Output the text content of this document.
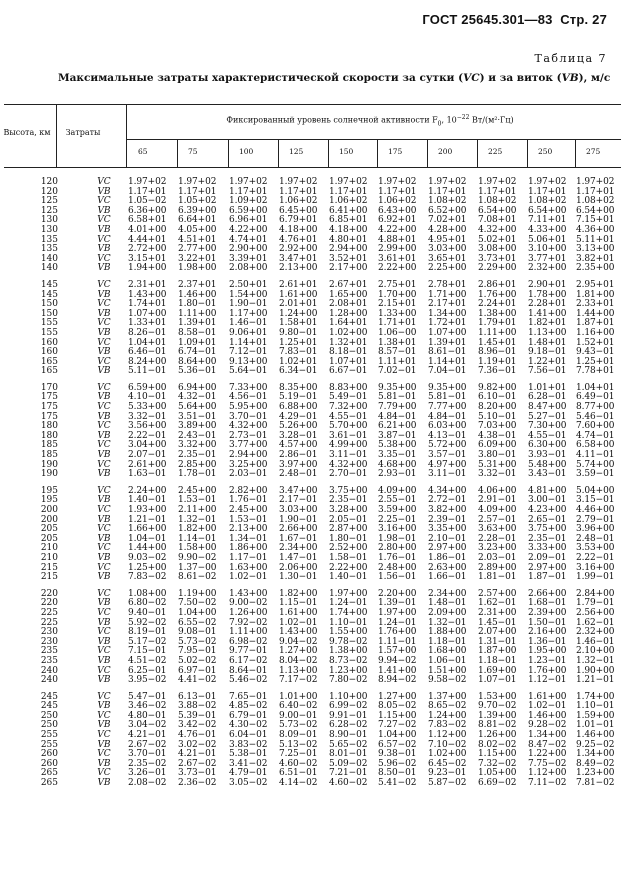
ГОСТ 25645.301—83 Стр. 27
Таблица 7
Максимальные затраты характеристической скорости за сутки (VC) и за виток (VB), м/с
Высота, км	Затраты
Фиксированный уровень солнечной активности $F_0$, $10^{-22}$ Вт/(м²·Гц)
65	75	100	125	150	175	200	225	250	275
120	VC	1.97+02 1.97+02 1.97+02 1.97+02 1.97+02 1.97+02 1.97+02 1.97+02 1.97+02 1.97+02
120	VB	1.17+01 1.17+01 1.17+01 1.17+01 1.17+01 1.17+01 1.17+01 1.17+01 1.17+01 1.17+01
125	VC	1.05−02 1.05+02 1.09+02 1.06+02 1.06+02 1.06+02 1.08+02 1.08+02 1.08+02 1.08+02
125	VB	6.36+00 6.39+00 6.59+00 6.45+00 6.41+00 6.43+00 6.52+00 6.54+00 6.54+00 6.54+00
130	VC	6.58+01 6.64+01 6.96+01 6.79+01 6.85+01 6.92+01 7.02+01 7.08+01 7.11+01 7.15+01
130	VB	4.01+00 4.05+00 4.22+00 4.18+00 4.18+00 4.22+00 4.28+00 4.32+00 4.33+00 4.36+00
135	VC	4.44+01 4.51+01 4.74+01 4.76+01 4.80+01 4.88+01 4.95+01 5.02+01 5.06+01 5.11+01
135	VB	2.72+00 2.77+00 2.90+00 2.92+00 2.94+00 2.99+00 3.03+00 3.08+00 3.10+00 3.13+00
140	VC	3.15+01 3.22+01 3.39+01 3.47+01 3.52+01 3.61+01 3.65+01 3.73+01 3.77+01 3.82+01
140	VB	1.94+00 1.98+00 2.08+00 2.13+00 2.17+00 2.22+00 2.25+00 2.29+00 2.32+00 2.35+00
145	VC	2.31+01 2.37+01 2.50+01 2.61+01 2.67+01 2.75+01 2.78+01 2.86+01 2.90+01 2.95+01
145	VB	1.43+00 1.46+00 1.54+00 1.61+00 1.65+00 1.70+00 1.71+00 1.76+00 1.78+00 1.81+00
150	VC	1.74+01 1.80−01 1.90−01 2.01+01 2.08+01 2.15+01 2.17+01 2.24+01 2.28+01 2.33+01
150	VB	1.07+00 1.11+00 1.17+00 1.24+00 1.28+00 1.33+00 1.34+00 1.38+00 1.41+00 1.44+00
155	VC	1.33+01 1.39+01 1.46−01 1.58+01 1.64+01 1.71+01 1.72+01 1.79+01 1.82+01 1.87+01
155	VB	8.26−01 8.58−01 9.06+01 9.80−01 1.02+00 1.06−00 1.07+00 1.11+00 1.13+00 1.16+00
160	VC	1.04+01 1.09+01 1.14+01 1.25+01 1.32+01 1.38+01 1.39+01 1.45+01 1.48+01 1.52+01
160	VB	6.46−01 6.74−01 7.12−01 7.83−01 8.18−01 8.57−01 8.61−01 8.96−01 9.18−01 9.43−01
165	VC	8.24+00 8.64+00 9.13+00 1.02+01 1.07+01 1.11+01 1.14+01 1.19+01 1.22+01 1.25+01
165	VB	5.11−01 5.36−01 5.64−01 6.34−01 6.67−01 7.02−01 7.04−01 7.36−01 7.56−01 7.78+01
170	VC	6.59+00 6.94+00 7.33+00 8.35+00 8.83+00 9.35+00 9.35+00 9.82+00 1.01+01 1.04+01
175	VB	4.10−01 4.32−01 4.56−01 5.19−01 5.49−01 5.81−01 5.81−01 6.10−01 6.28−01 6.49−01
175	VC	5.33+00 5.64+00 5.95+00 6.88+00 7.32+00 7.79+00 7.77+00 8.20+00 8.47+00 8.77+00
175	VB	3.32−01 3.51−01 3.70−01 4.29−01 4.55−01 4.84−01 4.84−01 5.10−01 5.27−01 5.46−01
180	VC	3.56+00 3.89+00 4.32+00 5.26+00 5.70+00 6.21+00 6.03+00 7.03+00 7.30+00 7.60+00
180	VB	2.22−01 2.43−01 2.73−01 3.28−01 3.61−01 3.87−01 4.13−01 4.38−01 4.55−01 4.74−01
185	VC	3.04+00 3.32+00 3.77+00 4.57+00 4.99+00 5.38+00 5.72+00 6.09+00 6.30+00 6.58+00
185	VB	2.07−01 2.35−01 2.94+00 2.86−01 3.11−01 3.35−01 3.57−01 3.80−01 3.93−01 4.11−01
190	VC	2.61+00 2.85+00 3.25+00 3.97+00 4.32+00 4.68+00 4.97+00 5.31+00 5.48+00 5.74+00
190	VB	1.63−01 1.78−01 2.03−01 2.48−01 2.70−01 2.93−01 3.11−01 3.32−01 3.43−01 3.59−01
195	VC	2.24+00 2.45+00 2.82+00 3.47+00 3.75+00 4.09+00 4.34+00 4.06+00 4.81+00 5.04+00
195	VB	1.40−01 1.53−01 1.76−01 2.17−01 2.35−01 2.55−01 2.72−01 2.91−01 3.00−01 3.15−01
200	VC	1.93+00 2.11+00 2.45+00 3.03+00 3.28+00 3.59+00 3.82+00 4.09+00 4.23+00 4.46+00
200	VB	1.21−01 1.32−01 1.53−01 1.90−01 2.05−01 2.25−01 2.39−01 2.57−01 2.65−01 2.79−01
205	VC	1.66+00 1.82+00 2.13+00 2.66+00 2.87+00 3.16+00 3.35+00 3.63+00 3.75+00 3.96+00
205	VB	1.04−01 1.14−01 1.34−01 1.67−01 1.80−01 1.98−01 2.10−01 2.28−01 2.35−01 2.48−01
210	VC	1.44+00 1.58+00 1.86+00 2.34+00 2.52+00 2.80+00 2.97+00 3.23+00 3.33+00 3.53+00
210	VB	9.03−02 9.90−02 1.17−01 1.47−01 1.58−01 1.76−01 1.86−01 2.03−01 2.09−01 2.22−01
215	VC	1.25+00 1.37−00 1.63+00 2.06+00 2.22+00 2.48+00 2.63+00 2.89+00 2.97+00 3.16+00
215	VB	7.83−02 8.61−02 1.02−01 1.30−01 1.40−01 1.56−01 1.66−01 1.81−01 1.87−01 1.99−01
220	VC	1.08+00 1.19+00 1.43+00 1.82+00 1.97+00 2.20+00 2.34+00 2.57+00 2.66+00 2.84+00
220	VB	6.80−02 7.50−02 9.00−02 1.15−01 1.24−01 1.39−01 1.48−01 1.62−01 1.68−01 1.79−01
225	VC	9.40−01 1.04+00 1.26+00 1.61+00 1.74+00 1.97+00 2.09+00 2.31+00 2.39+00 2.56+00
225	VB	5.92−02 6.55−02 7.92−02 1.02−01 1.10−01 1.24−01 1.32−01 1.45−01 1.50−01 1.62−01
230	VC	8.19−01 9.08−01 1.11+00 1.43+00 1.55+00 1.76+00 1.88+00 2.07+00 2.16+00 2.32+00
230	VB	5.17−02 5.73−02 6.98−02 9.04−02 9.78−02 1.11−01 1.18−01 1.31−01 1.36−01 1.46−01
235	VC	7.15−01 7.95−01 9.77−01 1.27+00 1.38+00 1.57+00 1.68+00 1.87+00 1.95+00 2.10+00
235	VB	4.51−02 5.02−02 6.17−02 8.04−02 8.73−02 9.94−02 1.06−01 1.18−01 1.23−01 1.32−01
240	VC	6.25−01 6.97−01 8.64−01 1.13+00 1.23+00 1.41+00 1.51+00 1.69+00 1.76+00 1.90+00
240	VB	3.95−02 4.41−02 5.46−02 7.17−02 7.80−02 8.94−02 9.58−02 1.07−01 1.12−01 1.21−01
245	VC	5.47−01 6.13−01 7.65−01 1.01+00 1.10+00 1.27+00 1.37+00 1.53+00 1.61+00 1.74+00
245	VB	3.46−02 3.88−02 4.85−02 6.40−02 6.99−02 8.05−02 8.65−02 9.70−02 1.02−01 1.10−01
250	VC	4.80−01 5.39−01 6.79−01 9.00−01 9.91−01 1.15+00 1.24+00 1.39+00 1.46+00 1.59+00
250	VB	3.04−02 3.42−02 4.30−02 5.73−02 6.28−02 7.27−02 7.83−02 8.81−02 9.28−02 1.01−01
255	VC	4.21−01 4.76−01 6.04−01 8.09−01 8.90−01 1.04+00 1.12+00 1.26+00 1.34+00 1.46+00
255	VB	2.67−02 3.02−02 3.83−02 5.13−02 5.65−02 6.57−02 7.10−02 8.02−02 8.47−02 9.25−02
260	VC	3.70−01 4.21−01 5.38−01 7.25−01 8.01−01 9.38−01 1.02+00 1.15+00 1.22+00 1.34+00
260	VB	2.35−02 2.67−02 3.41−02 4.60−02 5.09−02 5.96−02 6.45−02 7.32−02 7.75−02 8.49−02
265	VC	3.26−01 3.73−01 4.79−01 6.51−01 7.21−01 8.50−01 9.23−01 1.05+00 1.12+00 1.23+00
265	VB	2.08−02 2.36−02 3.05−02 4.14−02 4.60−02 5.41−02 5.87−02 6.69−02 7.11−02 7.81−02
